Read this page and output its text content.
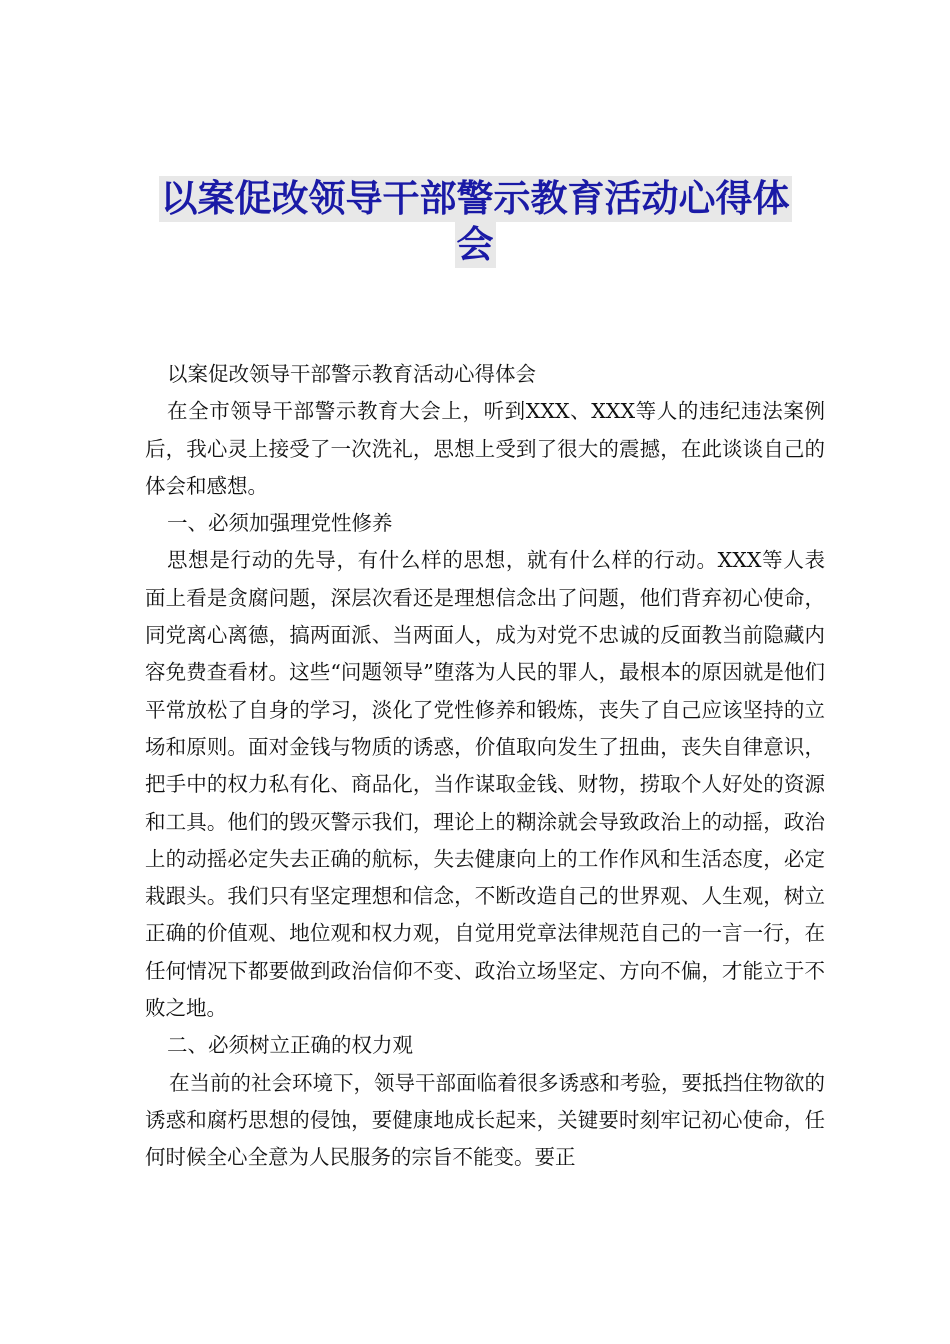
以案促改领导干部警示教育活动心得体
会

以案促改领导干部警示教育活动心得体会

在全市领导干部警示教育大会上，听到XXX、XXX等人的违纪违法案例后，我心灵上接受了一次洗礼，思想上受到了很大的震撼，在此谈谈自己的体会和感想。

一、必须加强理党性修养

思想是行动的先导，有什么样的思想，就有什么样的行动。XXX等人表面上看是贪腐问题，深层次看还是理想信念出了问题，他们背弃初心使命，同党离心离德，搞两面派、当两面人，成为对党不忠诚的反面教当前隐藏内容免费查看材。这些“问题领导”堕落为人民的罪人，最根本的原因就是他们平常放松了自身的学习，淡化了党性修养和锻炼，丧失了自己应该坚持的立场和原则。面对金钱与物质的诱惑，价值取向发生了扭曲，丧失自律意识，把手中的权力私有化、商品化，当作谋取金钱、财物，捞取个人好处的资源和工具。他们的毁灭警示我们，理论上的糊涂就会导致政治上的动摇，政治上的动摇必定失去正确的航标，失去健康向上的工作作风和生活态度，必定栽跟头。我们只有坚定理想和信念，不断改造自己的世界观、人生观，树立正确的价值观、地位观和权力观，自觉用党章法律规范自己的一言一行，在任何情况下都要做到政治信仰不变、政治立场坚定、方向不偏，才能立于不败之地。

二、必须树立正确的权力观

在当前的社会环境下，领导干部面临着很多诱惑和考验，要抵挡住物欲的诱惑和腐朽思想的侵蚀，要健康地成长起来，关键要时刻牢记初心使命，任何时候全心全意为人民服务的宗旨不能变。要正
